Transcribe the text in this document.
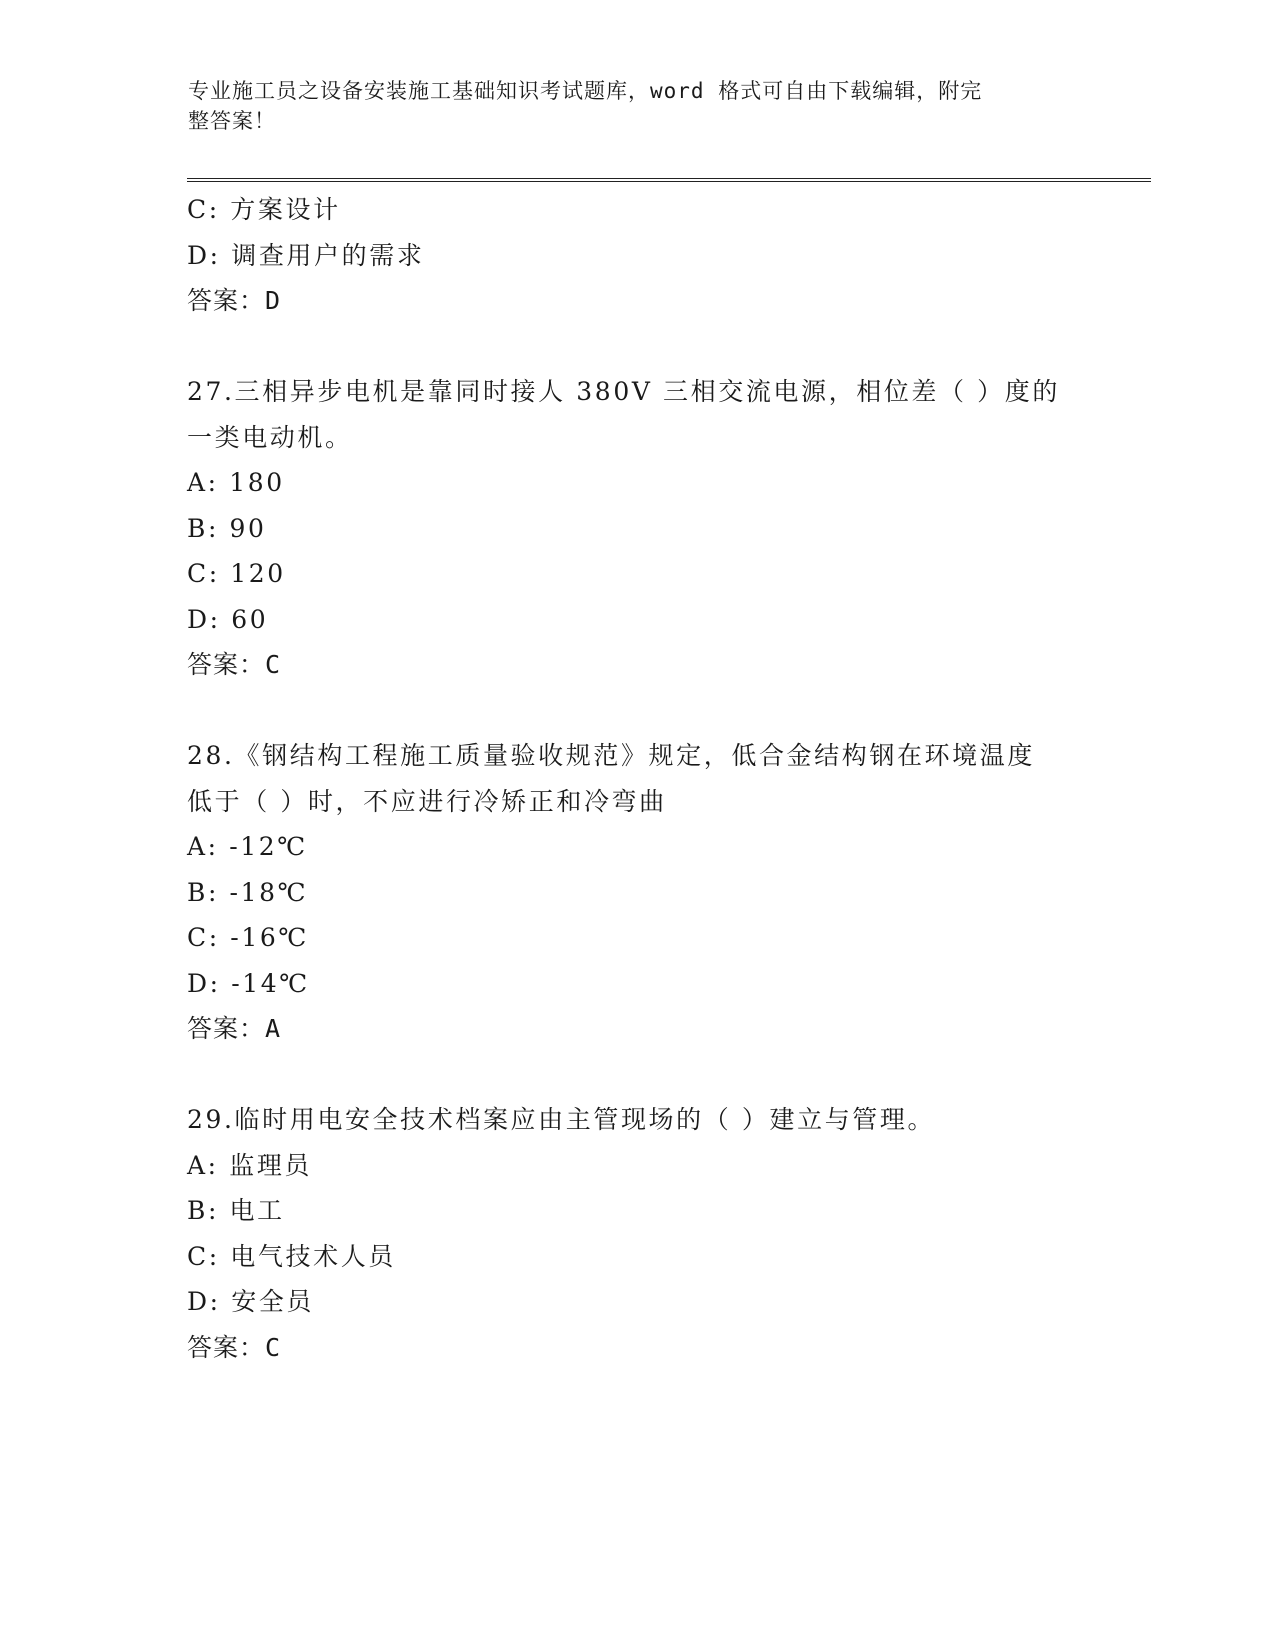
专业施工员之设备安装施工基础知识考试题库，word 格式可自由下载编辑，附完
整答案！
C: 方案设计
D: 调查用户的需求
答案：D
27.三相异步电机是靠同时接人 380V 三相交流电源，相位差（ ）度的
一类电动机。
A: 180
B: 90
C: 120
D: 60
答案：C
28.《钢结构工程施工质量验收规范》规定，低合金结构钢在环境温度
低于（ ）时，不应进行冷矫正和冷弯曲
A: -12℃
B: -18℃
C: -16℃
D: -14℃
答案：A
29.临时用电安全技术档案应由主管现场的（ ）建立与管理。
A: 监理员
B: 电工
C: 电气技术人员
D: 安全员
答案：C
